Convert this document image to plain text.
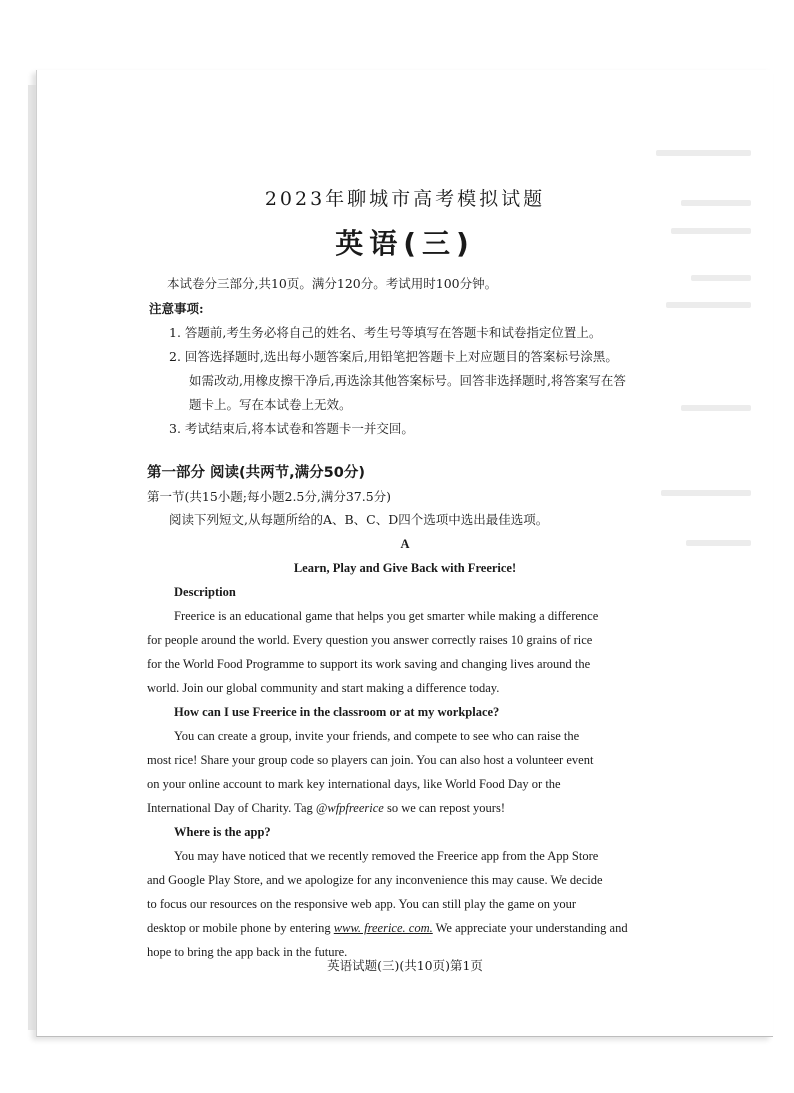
2023年聊城市高考模拟试题
英语(三)
本试卷分三部分,共10页。满分120分。考试用时100分钟。
注意事项:
1. 答题前,考生务必将自己的姓名、考生号等填写在答题卡和试卷指定位置上。
2. 回答选择题时,选出每小题答案后,用铅笔把答题卡上对应题目的答案标号涂黑。
如需改动,用橡皮擦干净后,再选涂其他答案标号。回答非选择题时,将答案写在答
题卡上。写在本试卷上无效。
3. 考试结束后,将本试卷和答题卡一并交回。
第一部分 阅读(共两节,满分50分)
第一节(共15小题;每小题2.5分,满分37.5分)
阅读下列短文,从每题所给的A、B、C、D四个选项中选出最佳选项。
A
Learn, Play and Give Back with Freerice!
Description
Freerice is an educational game that helps you get smarter while making a difference
for people around the world. Every question you answer correctly raises 10 grains of rice
for the World Food Programme to support its work saving and changing lives around the
world. Join our global community and start making a difference today.
How can I use Freerice in the classroom or at my workplace?
You can create a group, invite your friends, and compete to see who can raise the
most rice! Share your group code so players can join. You can also host a volunteer event
on your online account to mark key international days, like World Food Day or the
International Day of Charity. Tag @wfpfreerice so we can repost yours!
Where is the app?
You may have noticed that we recently removed the Freerice app from the App Store
and Google Play Store, and we apologize for any inconvenience this may cause. We decide
to focus our resources on the responsive web app. You can still play the game on your
desktop or mobile phone by entering www. freerice. com. We appreciate your understanding and
hope to bring the app back in the future.
英语试题(三)(共10页)第1页
